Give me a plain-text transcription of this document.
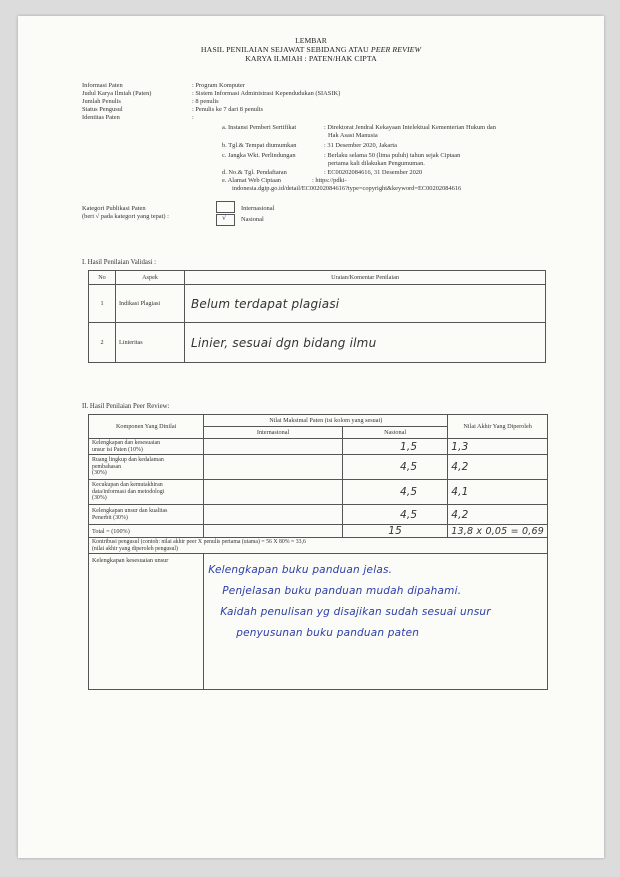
LEMBAR
HASIL PENILAIAN SEJAWAT SEBIDANG ATAU PEER REVIEW
KARYA ILMIAH : PATEN/HAK CIPTA
Informasi Paten	: Program Komputer
Judul Karya Ilmiah (Paten)	: Sistem Informasi Administrasi Kependudukan (SIASIK)
Jumlah Penulis	: 8 penulis
Status Pengusul	: Penulis ke 7 dari 8 penulis
Identitas Paten	:
a. Instansi Pemberi Sertifikat	: Direktorat Jendral Kekayaan Intelektual Kementerian Hukum dan
Hak Asasi Manusia
b. Tgl.& Tempat diumumkan	: 31 Desember 2020, Jakarta
c. Jangka Wkt. Perlindungan	: Berlaku selama 50 (lima puluh) tahun sejak Ciptaan
pertama kali dilakukan Pengumuman.
d. No.& Tgl. Pendaftaran	: EC00202084616, 31 Desember 2020
e. Alamat Web Ciptaan	: https://pdki-
indonesia.dgip.go.id/detail/EC00202084616?type=copyright&keyword=EC00202084616
Kategori Publikasi Paten
(beri √ pada kategori yang tepat) :	√
Internasional
Nasional
I. Hasil Penilaian Validasi :
No	Aspek	Uraian/Komentar Penilaian
1	Indikasi Plagiasi	Belum terdapat plagiasi
2	Linieritas	Linier, sesuai dgn bidang ilmu
II. Hasil Penilaian Peer Review:
Komponen Yang Dinilai	Nilai Maksimal Paten (isi kolom yang sesuai)		Nilai Akhir Yang Diperoleh
	Internasional	Nasional	

Kelengkapan dan kesesuaian
unsur isi Paten (10%)		1,5	1,3

Ruang lingkup dan kedalaman
pembahasan
(30%)		4,5	4,2

Kecukupan dan kemutakhiran
data/informasi dan metodologi
(30%)		4,5	4,1

Kelengkapan unsur dan kualitas
Penerbit (30%)		4,5	4,2
Total = (100%)		15	13,8 x 0,05 = 0,69

Kontribusi pengusul (contoh: nilai akhir peer X penulis pertama (utama) = 56 X 80% = 33,6
(nilai akhir yang diperoleh pengusul)			

Kelengkapan kesesuaian unsur	Kelengkapan buku panduan jelas.
Penjelasan buku panduan mudah dipahami.
Kaidah penulisan yg disajikan sudah sesuai unsur
penyusunan buku panduan paten		
